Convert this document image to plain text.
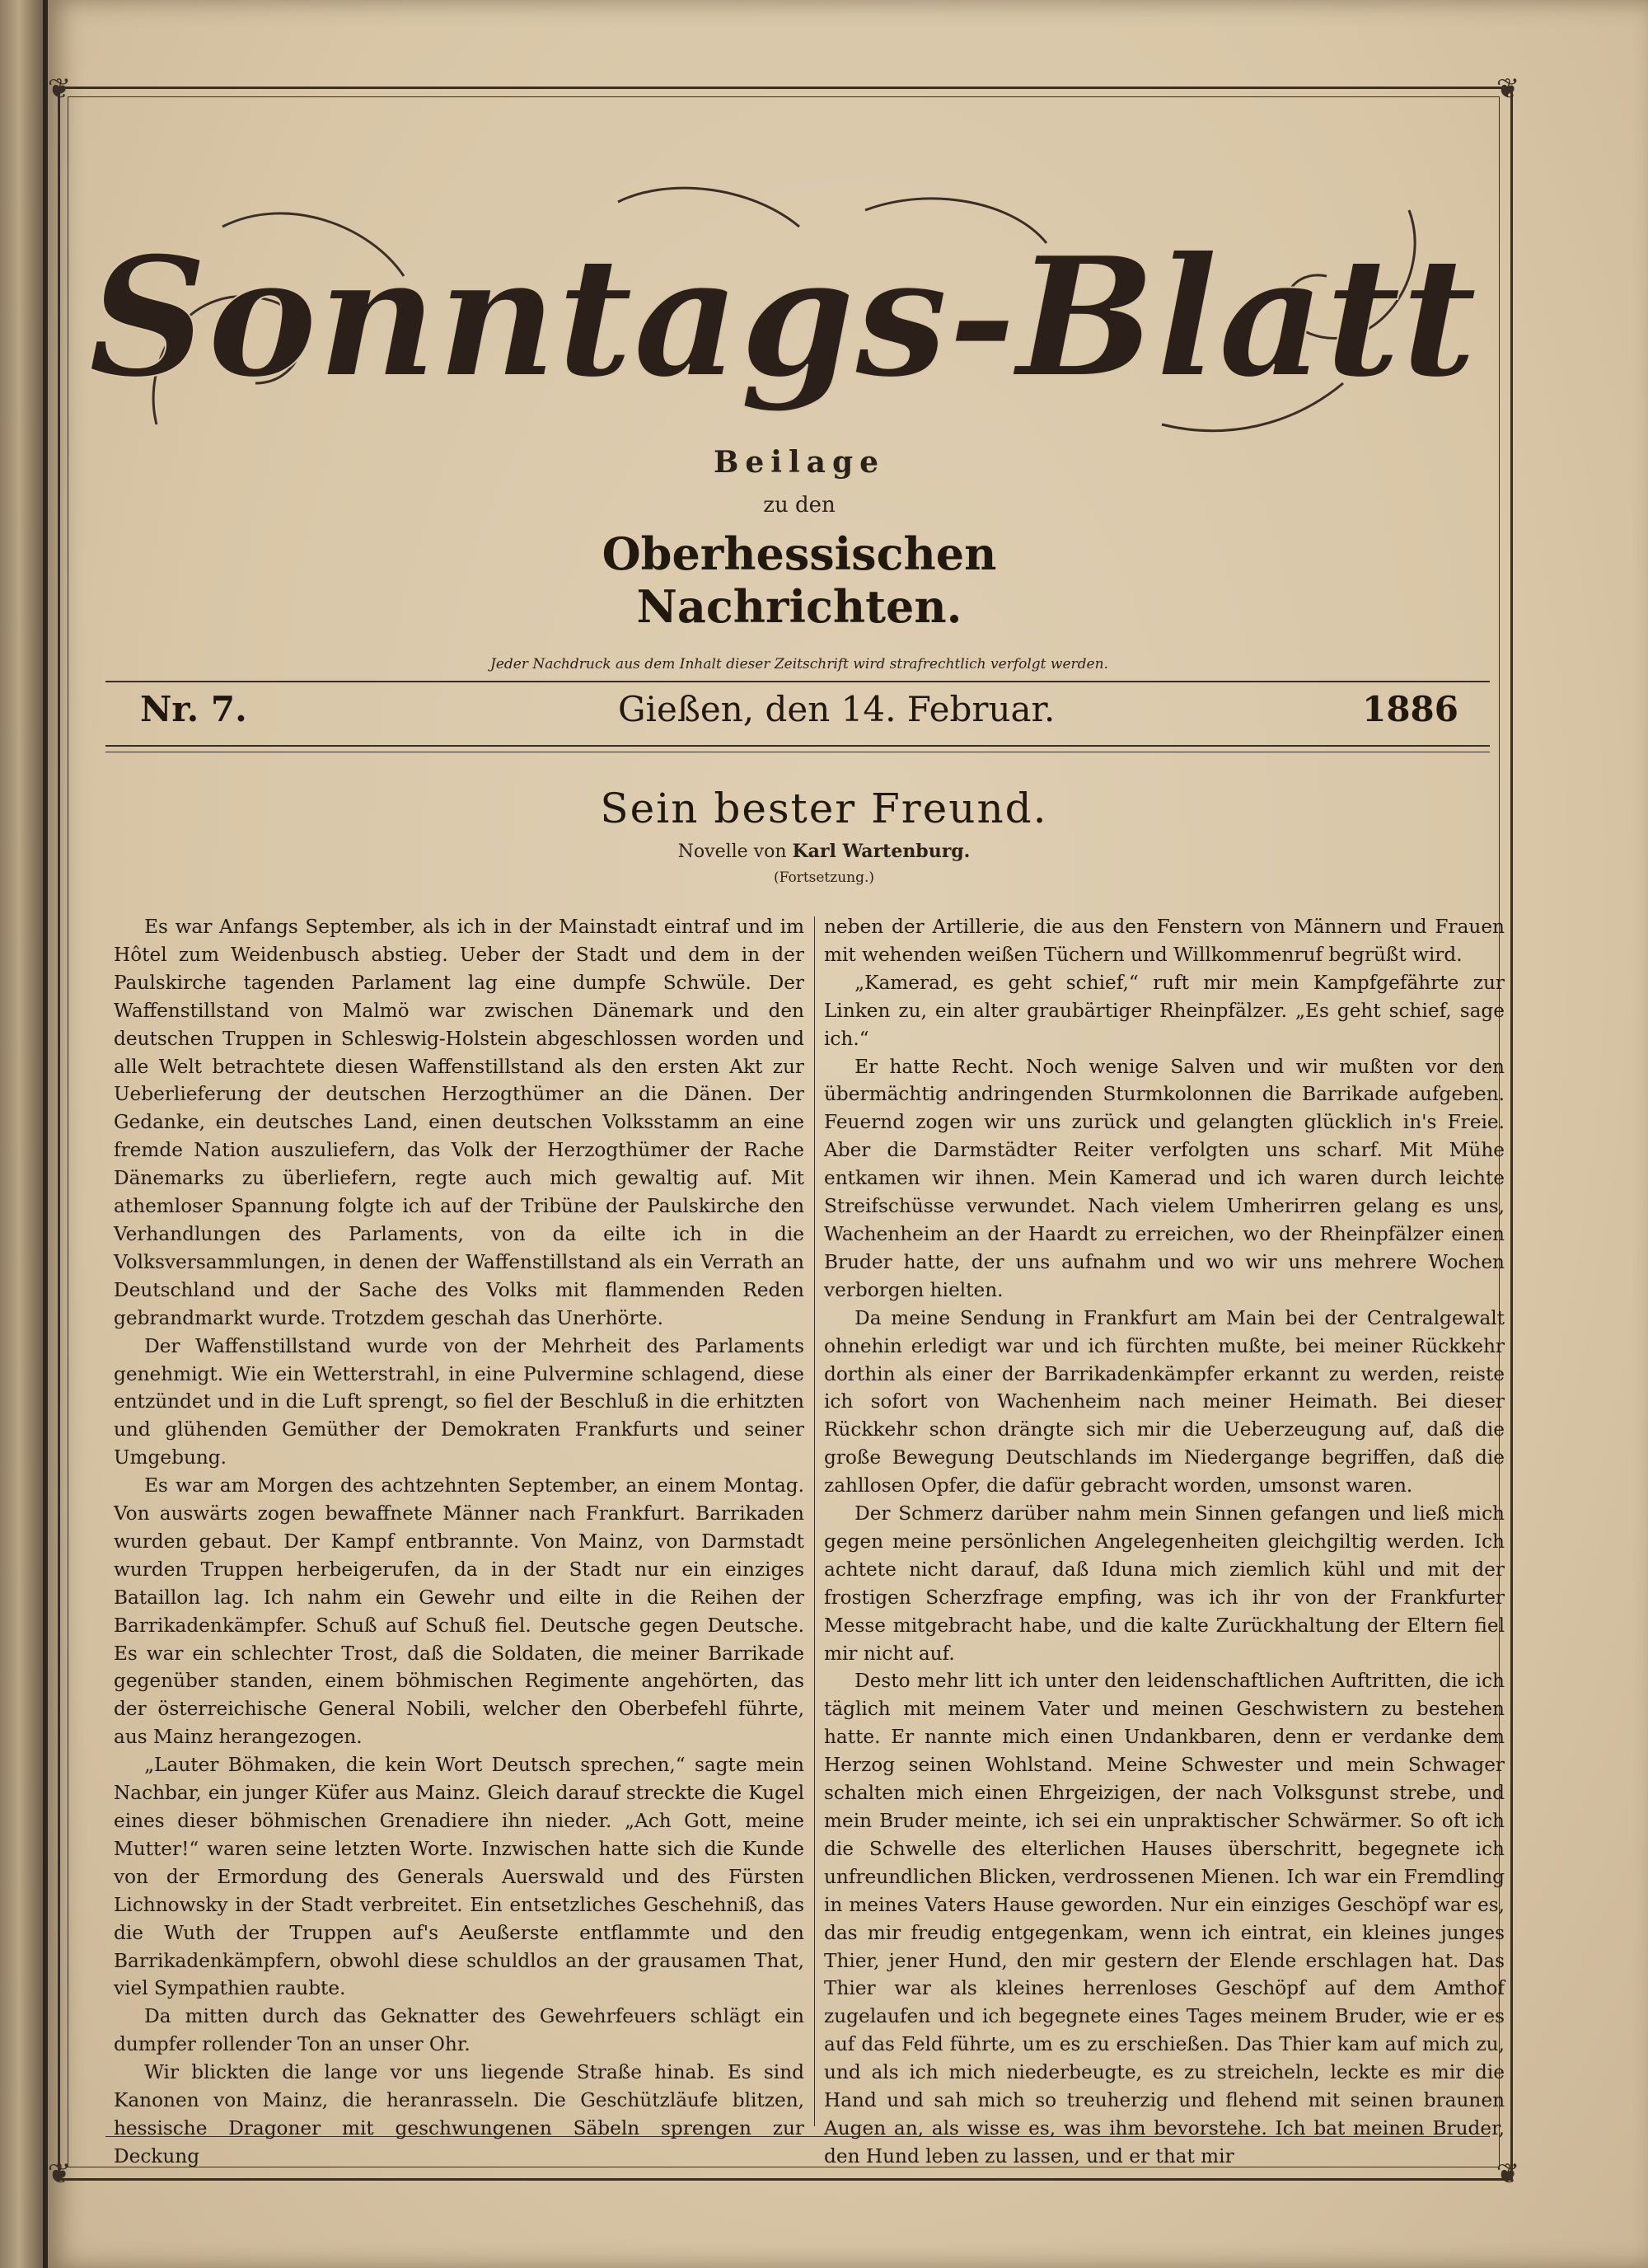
❦	❦
❦	❦
Sonntags-Blatt
Beilage
zu den
Oberhessischen Nachrichten.
Jeder Nachdruck aus dem Inhalt dieser Zeitschrift wird strafrechtlich verfolgt werden.
Nr. 7.	Gießen, den 14. Februar.	1886
Sein bester Freund.
Novelle von Karl Wartenburg.
(Fortsetzung.)

Es war Anfangs September, als ich in der Mainstadt eintraf und im Hôtel zum Weidenbusch abstieg. Ueber der Stadt und dem in der Paulskirche tagenden Parlament lag eine dumpfe Schwüle. Der Waffenstillstand von Malmö war zwischen Dänemark und den deutschen Truppen in Schleswig-Holstein abgeschlossen worden und alle Welt betrachtete diesen Waffenstillstand als den ersten Akt zur Ueberlieferung der deutschen Herzogthümer an die Dänen. Der Gedanke, ein deutsches Land, einen deutschen Volksstamm an eine fremde Nation auszuliefern, das Volk der Herzogthümer der Rache Dänemarks zu überliefern, regte auch mich gewaltig auf. Mit athemloser Spannung folgte ich auf der Tribüne der Paulskirche den Verhandlungen des Parlaments, von da eilte ich in die Volksversammlungen, in denen der Waffenstillstand als ein Verrath an Deutschland und der Sache des Volks mit flammenden Reden gebrandmarkt wurde. Trotzdem geschah das Unerhörte.

Der Waffenstillstand wurde von der Mehrheit des Parlaments genehmigt. Wie ein Wetterstrahl, in eine Pulvermine schlagend, diese entzündet und in die Luft sprengt, so fiel der Beschluß in die erhitzten und glühenden Gemüther der Demokraten Frankfurts und seiner Umgebung.

Es war am Morgen des achtzehnten September, an einem Montag. Von auswärts zogen bewaffnete Männer nach Frankfurt. Barrikaden wurden gebaut. Der Kampf entbrannte. Von Mainz, von Darmstadt wurden Truppen herbeigerufen, da in der Stadt nur ein einziges Bataillon lag. Ich nahm ein Gewehr und eilte in die Reihen der Barrikadenkämpfer. Schuß auf Schuß fiel. Deutsche gegen Deutsche. Es war ein schlechter Trost, daß die Soldaten, die meiner Barrikade gegenüber standen, einem böhmischen Regimente angehörten, das der österreichische General Nobili, welcher den Oberbefehl führte, aus Mainz herangezogen.

„Lauter Böhmaken, die kein Wort Deutsch sprechen,“ sagte mein Nachbar, ein junger Küfer aus Mainz. Gleich darauf streckte die Kugel eines dieser böhmischen Grenadiere ihn nieder. „Ach Gott, meine Mutter!“ waren seine letzten Worte. Inzwischen hatte sich die Kunde von der Ermordung des Generals Auerswald und des Fürsten Lichnowsky in der Stadt verbreitet. Ein entsetzliches Geschehniß, das die Wuth der Truppen auf's Aeußerste entflammte und den Barrikadenkämpfern, obwohl diese schuldlos an der grausamen That, viel Sympathien raubte.

Da mitten durch das Geknatter des Gewehrfeuers schlägt ein dumpfer rollender Ton an unser Ohr.

Wir blickten die lange vor uns liegende Straße hinab. Es sind Kanonen von Mainz, die heranrasseln. Die Geschützläufe blitzen, hessische Dragoner mit geschwungenen Säbeln sprengen zur Deckung

neben der Artillerie, die aus den Fenstern von Männern und Frauen mit wehenden weißen Tüchern und Willkommenruf begrüßt wird.

„Kamerad, es geht schief,“ ruft mir mein Kampfgefährte zur Linken zu, ein alter graubärtiger Rheinpfälzer. „Es geht schief, sage ich.“

Er hatte Recht. Noch wenige Salven und wir mußten vor den übermächtig andringenden Sturmkolonnen die Barrikade aufgeben. Feuernd zogen wir uns zurück und gelangten glücklich in's Freie. Aber die Darmstädter Reiter verfolgten uns scharf. Mit Mühe entkamen wir ihnen. Mein Kamerad und ich waren durch leichte Streifschüsse verwundet. Nach vielem Umherirren gelang es uns, Wachenheim an der Haardt zu erreichen, wo der Rheinpfälzer einen Bruder hatte, der uns aufnahm und wo wir uns mehrere Wochen verborgen hielten.

Da meine Sendung in Frankfurt am Main bei der Centralgewalt ohnehin erledigt war und ich fürchten mußte, bei meiner Rückkehr dorthin als einer der Barrikadenkämpfer erkannt zu werden, reiste ich sofort von Wachenheim nach meiner Heimath. Bei dieser Rückkehr schon drängte sich mir die Ueberzeugung auf, daß die große Bewegung Deutschlands im Niedergange begriffen, daß die zahllosen Opfer, die dafür gebracht worden, umsonst waren.

Der Schmerz darüber nahm mein Sinnen gefangen und ließ mich gegen meine persönlichen Angelegenheiten gleichgiltig werden. Ich achtete nicht darauf, daß Iduna mich ziemlich kühl und mit der frostigen Scherzfrage empfing, was ich ihr von der Frankfurter Messe mitgebracht habe, und die kalte Zurückhaltung der Eltern fiel mir nicht auf.

Desto mehr litt ich unter den leidenschaftlichen Auftritten, die ich täglich mit meinem Vater und meinen Geschwistern zu bestehen hatte. Er nannte mich einen Undankbaren, denn er verdanke dem Herzog seinen Wohlstand. Meine Schwester und mein Schwager schalten mich einen Ehrgeizigen, der nach Volksgunst strebe, und mein Bruder meinte, ich sei ein unpraktischer Schwärmer. So oft ich die Schwelle des elterlichen Hauses überschritt, begegnete ich unfreundlichen Blicken, verdrossenen Mienen. Ich war ein Fremdling in meines Vaters Hause geworden. Nur ein einziges Geschöpf war es, das mir freudig entgegenkam, wenn ich eintrat, ein kleines junges Thier, jener Hund, den mir gestern der Elende erschlagen hat. Das Thier war als kleines herrenloses Geschöpf auf dem Amthof zugelaufen und ich begegnete eines Tages meinem Bruder, wie er es auf das Feld führte, um es zu erschießen. Das Thier kam auf mich zu, und als ich mich niederbeugte, es zu streicheln, leckte es mir die Hand und sah mich so treuherzig und flehend mit seinen braunen Augen an, als wisse es, was ihm bevorstehe. Ich bat meinen Bruder, den Hund leben zu lassen, und er that mir
